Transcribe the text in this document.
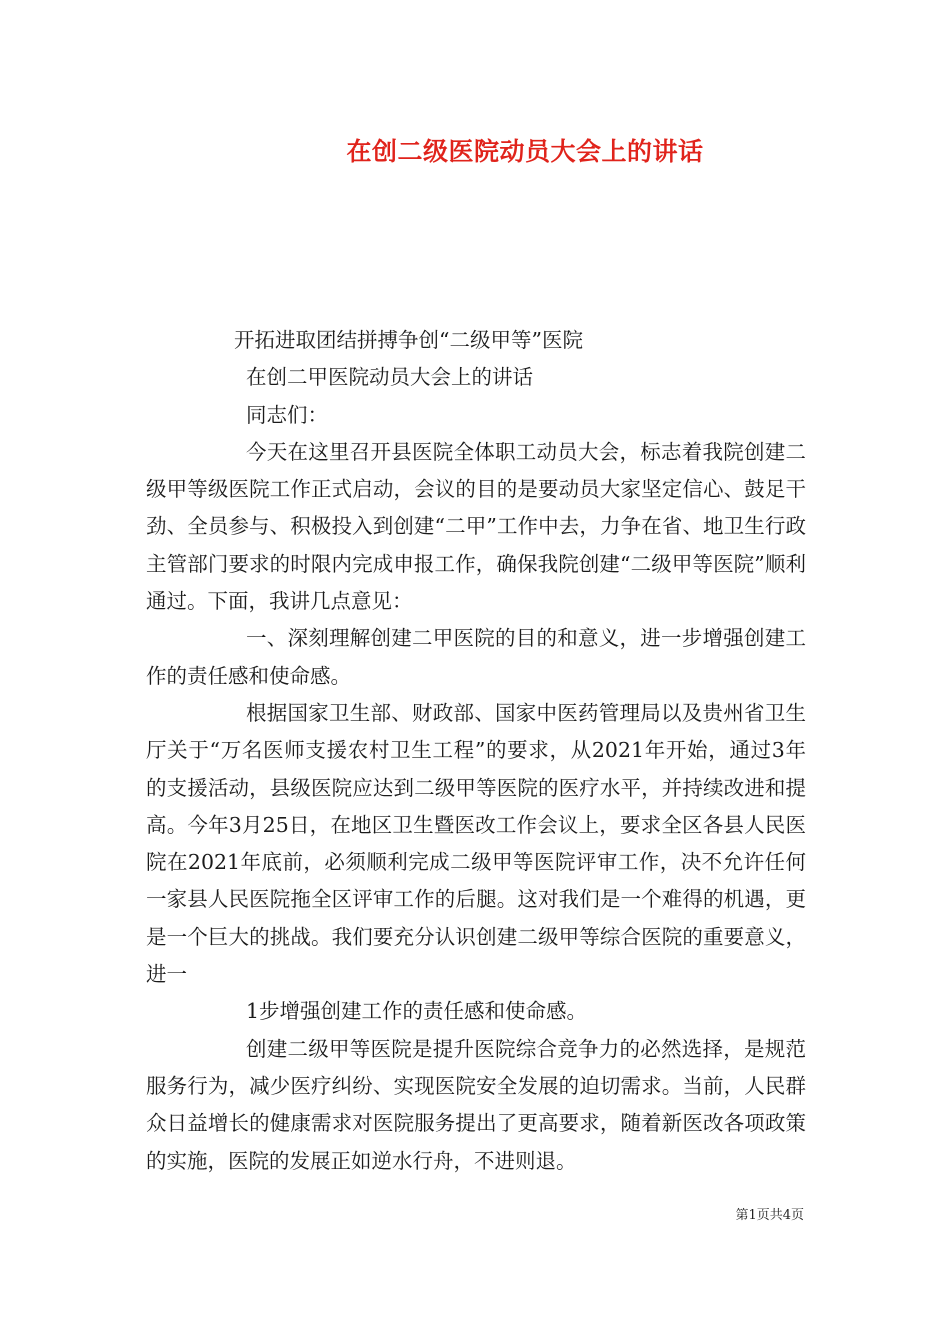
在创二级医院动员大会上的讲话

开拓进取团结拼搏争创“二级甲等”医院

在创二甲医院动员大会上的讲话

同志们：

今天在这里召开县医院全体职工动员大会，标志着我院创建二级甲等级医院工作正式启动，会议的目的是要动员大家坚定信心、鼓足干劲、全员参与、积极投入到创建“二甲”工作中去，力争在省、地卫生行政主管部门要求的时限内完成申报工作，确保我院创建“二级甲等医院”顺利通过。下面，我讲几点意见：

一、深刻理解创建二甲医院的目的和意义，进一步增强创建工作的责任感和使命感。

根据国家卫生部、财政部、国家中医药管理局以及贵州省卫生厅关于“万名医师支援农村卫生工程”的要求，从2021年开始，通过3年的支援活动，县级医院应达到二级甲等医院的医疗水平，并持续改进和提高。今年3月25日，在地区卫生暨医改工作会议上，要求全区各县人民医院在2021年底前，必须顺利完成二级甲等医院评审工作，决不允许任何一家县人民医院拖全区评审工作的后腿。这对我们是一个难得的机遇，更是一个巨大的挑战。我们要充分认识创建二级甲等综合医院的重要意义，进一

1步增强创建工作的责任感和使命感。

创建二级甲等医院是提升医院综合竞争力的必然选择，是规范服务行为，减少医疗纠纷、实现医院安全发展的迫切需求。当前，人民群众日益增长的健康需求对医院服务提出了更高要求，随着新医改各项政策的实施，医院的发展正如逆水行舟，不进则退。

第1页共4页
